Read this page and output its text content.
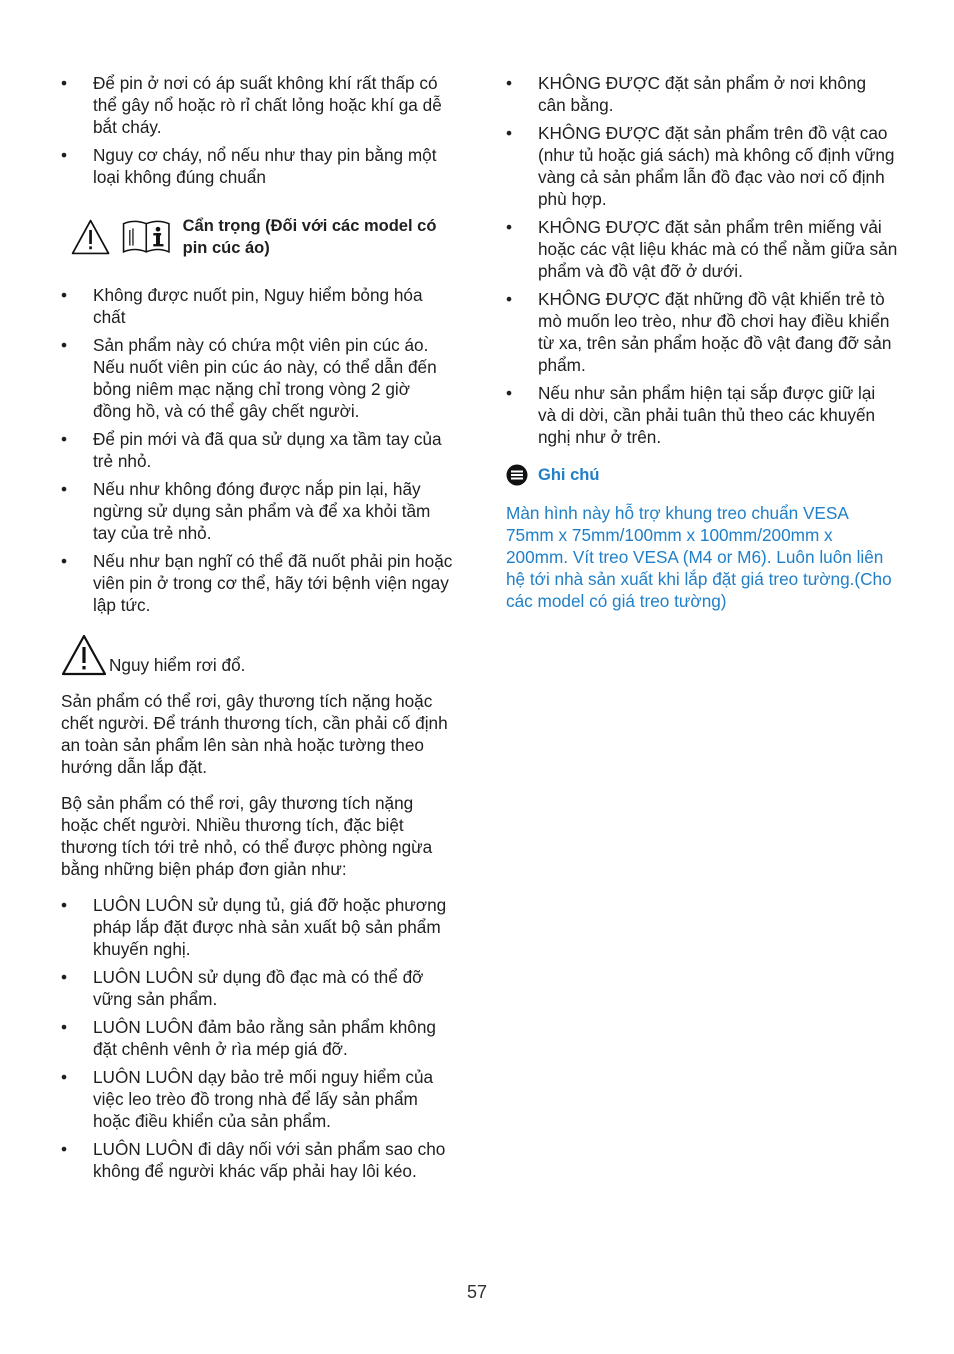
• Để pin ở nơi có áp suất không khí rất thấp có thể gây nổ hoặc rò rỉ chất lỏng hoặc khí ga dễ bắt cháy.
• Nguy cơ cháy, nổ nếu như thay pin bằng một loại không đúng chuẩn
Cẩn trọng (Đối với các model có pin cúc áo)
• Không được nuốt pin, Nguy hiểm bỏng hóa chất
• Sản phẩm này có chứa một viên pin cúc áo. Nếu nuốt viên pin cúc áo này, có thể dẫn đến bỏng niêm mạc nặng chỉ trong vòng 2 giờ đồng hồ, và có thể gây chết người.
• Để pin mới và đã qua sử dụng xa tầm tay của trẻ nhỏ.
• Nếu như không đóng được nắp pin lại, hãy ngừng sử dụng sản phẩm và để xa khỏi tầm tay của trẻ nhỏ.
• Nếu như bạn nghĩ có thể đã nuốt phải pin hoặc viên pin ở trong cơ thể, hãy tới bệnh viện ngay lập tức.
Nguy hiểm rơi đổ.

Sản phẩm có thể rơi, gây thương tích nặng hoặc chết người. Để tránh thương tích, cần phải cố định an toàn sản phẩm lên sàn nhà hoặc tường theo hướng dẫn lắp đặt.

Bộ sản phẩm có thể rơi, gây thương tích nặng hoặc chết người. Nhiều thương tích, đặc biệt thương tích tới trẻ nhỏ, có thể được phòng ngừa bằng những biện pháp đơn giản như:

• LUÔN LUÔN sử dụng tủ, giá đỡ hoặc phương pháp lắp đặt được nhà sản xuất bộ sản phẩm khuyến nghị.
• LUÔN LUÔN sử dụng đồ đạc mà có thể đỡ vững sản phẩm.
• LUÔN LUÔN đảm bảo rằng sản phẩm không đặt chênh vênh ở rìa mép giá đỡ.
• LUÔN LUÔN dạy bảo trẻ mối nguy hiểm của việc leo trèo đồ trong nhà để lấy sản phẩm hoặc điều khiển của sản phẩm.
• LUÔN LUÔN đi dây nối với sản phẩm sao cho không để người khác vấp phải hay lôi kéo.
• KHÔNG ĐƯỢC đặt sản phẩm ở nơi không cân bằng.
• KHÔNG ĐƯỢC đặt sản phẩm trên đồ vật cao (như tủ hoặc giá sách) mà không cố định vững vàng cả sản phẩm lẫn đồ đạc vào nơi cố định phù hợp.
• KHÔNG ĐƯỢC đặt sản phẩm trên miếng vải hoặc các vật liệu khác mà có thể nằm giữa sản phẩm và đồ vật đỡ ở dưới.
• KHÔNG ĐƯỢC đặt những đồ vật khiến trẻ tò mò muốn leo trèo, như đồ chơi hay điều khiển từ xa, trên sản phẩm hoặc đồ vật đang đỡ sản phẩm.
• Nếu như sản phẩm hiện tại sắp được giữ lại và di dời, cần phải tuân thủ theo các khuyến nghị như ở trên.
Ghi chú

Màn hình này hỗ trợ khung treo chuẩn VESA 75mm x 75mm/100mm x 100mm/200mm x 200mm. Vít treo VESA (M4 or M6). Luôn luôn liên hệ tới nhà sản xuất khi lắp đặt giá treo tường.(Cho các model có giá treo tường)

57
